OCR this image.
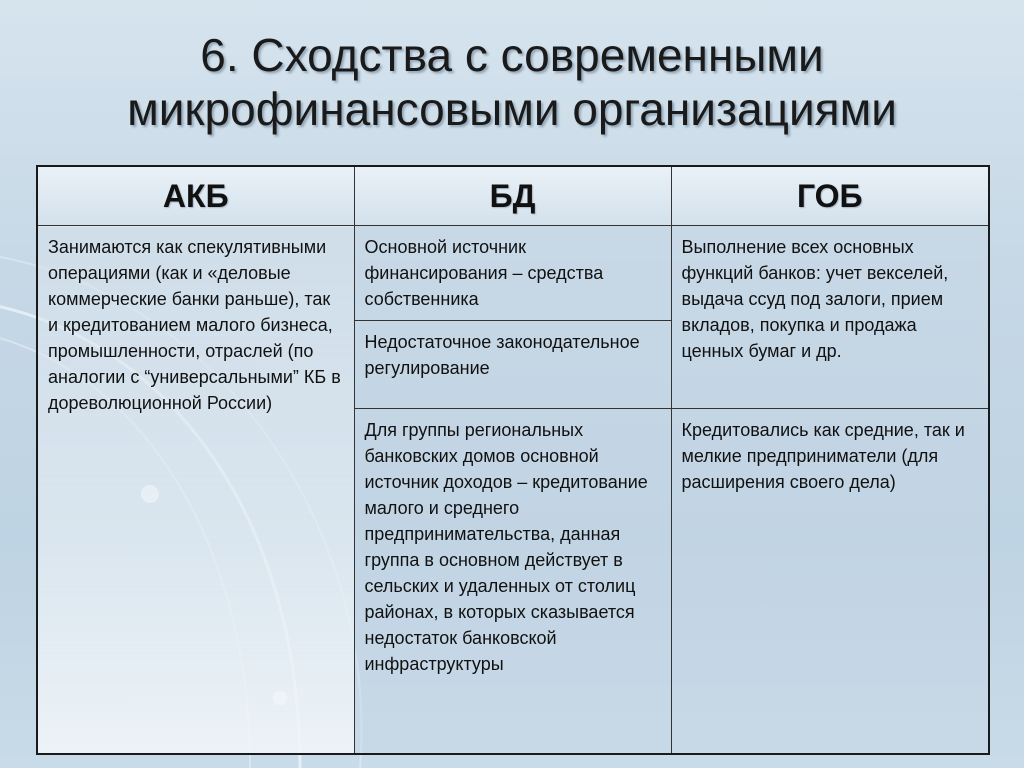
6. Сходства с современными
микрофинансовыми организациями
АКБ	БД	ГОБ

Занимаются как спекулятивными операциями (как и «деловые коммерческие банки раньше), так и кредитованием малого бизнеса, промышленности, отраслей (по аналогии с “универсальными” КБ в дореволюционной России)	Основной источник финансирования – средства собственника	Выполнение всех основных функций банков: учет векселей, выдача ссуд под залоги, прием вкладов, покупка и продажа ценных бумаг и др.

	Недостаточное законодательное регулирование	

	Для группы региональных банковских домов основной источник доходов – кредитование малого и среднего предпринимательства, данная группа в основном действует в сельских и удаленных от столиц районах, в которых сказывается недостаток банковской инфраструктуры	Кредитовались как средние, так и мелкие предприниматели (для расширения своего дела)
